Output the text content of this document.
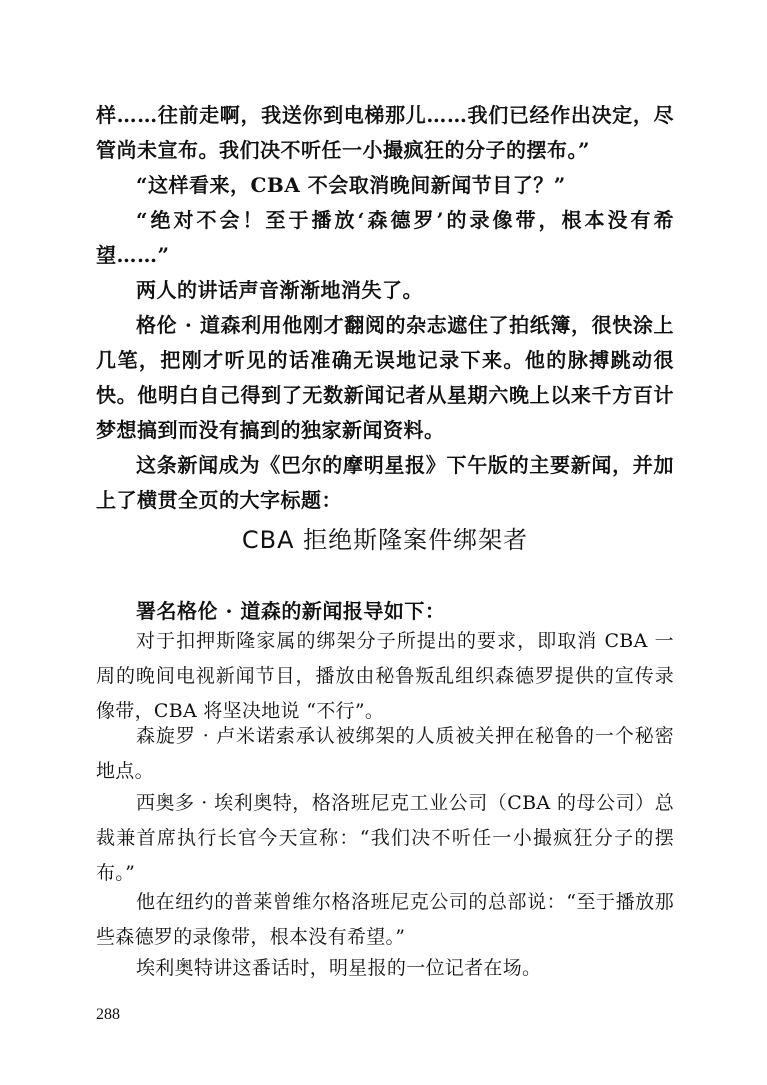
样……往前走啊，我送你到电梯那儿……我们已经作出决定，尽管尚未宣布。我们决不听任一小撮疯狂的分子的摆布。”

“这样看来，CBA 不会取消晚间新闻节目了？”

“绝对不会！至于播放‘森德罗’的录像带，根本没有希望……”

两人的讲话声音渐渐地消失了。

格伦 · 道森利用他刚才翻阅的杂志遮住了拍纸簿，很快涂上几笔，把刚才听见的话准确无误地记录下来。他的脉搏跳动很快。他明白自己得到了无数新闻记者从星期六晚上以来千方百计梦想搞到而没有搞到的独家新闻资料。

这条新闻成为《巴尔的摩明星报》下午版的主要新闻，并加上了横贯全页的大字标题：

CBA 拒绝斯隆案件绑架者

署名格伦 · 道森的新闻报导如下：

对于扣押斯隆家属的绑架分子所提出的要求，即取消 CBA 一周的晚间电视新闻节目，播放由秘鲁叛乱组织森德罗提供的宣传录像带，CBA 将坚决地说 “不行”。

森旋罗 · 卢米诺索承认被绑架的人质被关押在秘鲁的一个秘密地点。

西奥多 · 埃利奥特，格洛班尼克工业公司（CBA 的母公司）总裁兼首席执行长官今天宣称：“我们决不听任一小撮疯狂分子的摆布。”

他在纽约的普莱曾维尔格洛班尼克公司的总部说：“至于播放那些森德罗的录像带，根本没有希望。”

埃利奥特讲这番话时，明星报的一位记者在场。

288
